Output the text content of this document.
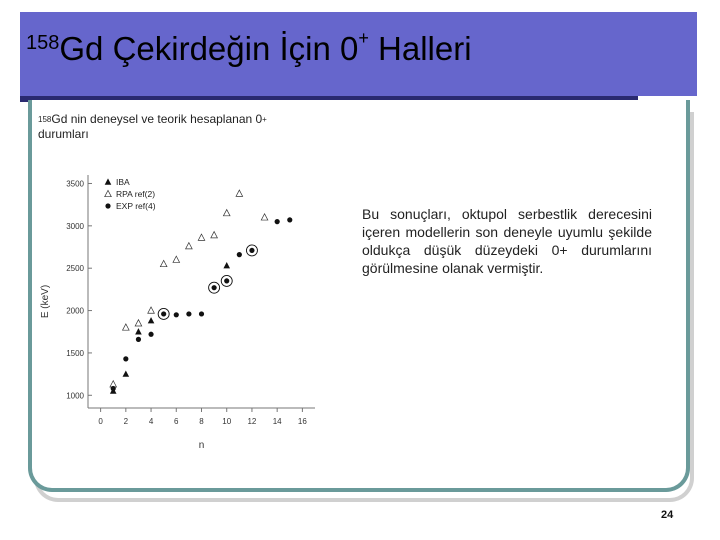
$^{158}$Gd Çekirdeğin İçin 0+ Halleri
$^{158}$Gd nin deneysel ve teorik hesaplanan 0+
durumları
1000
1500
2000
2500
3000
3500
0	2	4	6	8 10 12 14 16
n
E (keV)
IBA
RPA ref(2)
EXP ref(4)	Bu sonuçları, oktupol serbestlik derecesini içeren modellerin son deneyle uyumlu şekilde oldukça düşük düzeydeki 0+ durumlarını görülmesine olanak vermiştir.
24
